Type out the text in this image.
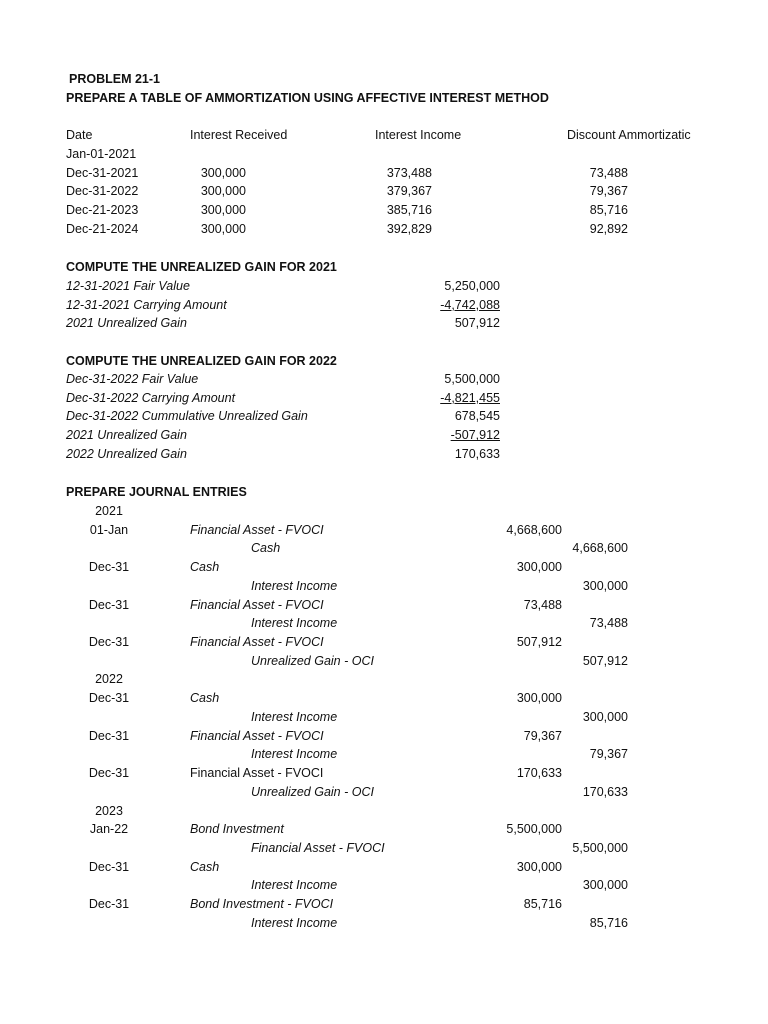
PROBLEM 21-1
PREPARE A TABLE OF AMMORTIZATION USING AFFECTIVE INTEREST METHOD
Date	Interest Received	Interest Income	Discount Ammortizatic
Jan-01-2021
Dec-31-2021	300,000	373,488	73,488
Dec-31-2022	300,000	379,367	79,367
Dec-21-2023	300,000	385,716	85,716
Dec-21-2024	300,000	392,829	92,892
COMPUTE THE UNREALIZED GAIN FOR 2021
12-31-2021 Fair Value	5,250,000
12-31-2021 Carrying Amount	-4,742,088
2021 Unrealized Gain	507,912
COMPUTE THE UNREALIZED GAIN FOR 2022
Dec-31-2022 Fair Value	5,500,000
Dec-31-2022 Carrying Amount	-4,821,455
Dec-31-2022 Cummulative Unrealized Gain	678,545
2021 Unrealized Gain	-507,912
2022 Unrealized Gain	170,633
PREPARE JOURNAL ENTRIES
2021
01-Jan	Financial Asset - FVOCI	4,668,600
Cash	4,668,600
Dec-31	Cash	300,000
Interest Income	300,000
Dec-31	Financial Asset - FVOCI	73,488
Interest Income	73,488
Dec-31	Financial Asset - FVOCI	507,912
Unrealized Gain - OCI	507,912
2022
Dec-31	Cash	300,000
Interest Income	300,000
Dec-31	Financial Asset - FVOCI	79,367
Interest Income	79,367
Dec-31	Financial Asset - FVOCI	170,633
Unrealized Gain - OCI	170,633
2023
Jan-22	Bond Investment	5,500,000
Financial Asset - FVOCI	5,500,000
Dec-31	Cash	300,000
Interest Income	300,000
Dec-31	Bond Investment - FVOCI	85,716
Interest Income	85,716
